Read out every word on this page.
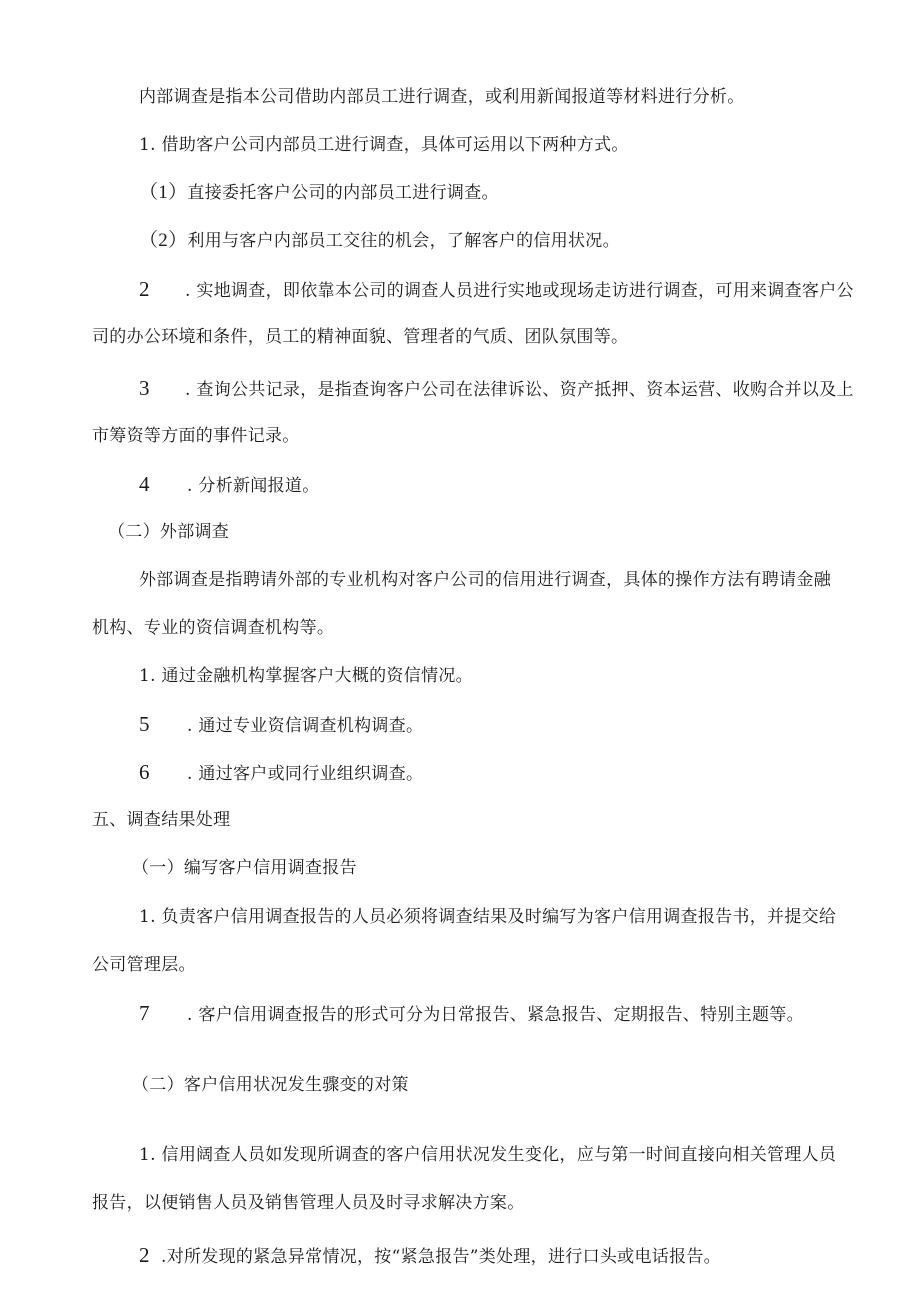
内部调查是指本公司借助内部员工进行调查，或利用新闻报道等材料进行分析。

1. 借助客户公司内部员工进行调查，具体可运用以下两种方式。

（1）直接委托客户公司的内部员工进行调查。

（2）利用与客户内部员工交往的机会，了解客户的信用状况。

2 . 实地调查，即依靠本公司的调查人员进行实地或现场走访进行调查，可用来调查客户公

司的办公环境和条件，员工的精神面貌、管理者的气质、团队氛围等。

3 . 查询公共记录，是指查询客户公司在法律诉讼、资产抵押、资本运营、收购合并以及上

市筹资等方面的事件记录。

4 . 分析新闻报道。

（二）外部调查

外部调查是指聘请外部的专业机构对客户公司的信用进行调查，具体的操作方法有聘请金融

机构、专业的资信调查机构等。

1. 通过金融机构掌握客户大概的资信情况。

5 . 通过专业资信调查机构调查。

6 . 通过客户或同行业组织调查。

五、调查结果处理

（一）编写客户信用调查报告

1. 负责客户信用调查报告的人员必须将调查结果及时编写为客户信用调查报告书，并提交给

公司管理层。

7 . 客户信用调查报告的形式可分为日常报告、紧急报告、定期报告、特别主题等。

（二）客户信用状况发生骤变的对策

1. 信用阔查人员如发现所调查的客户信用状况发生变化，应与第一时间直接向相关管理人员

报告，以便销售人员及销售管理人员及时寻求解决方案。

2 .对所发现的紧急异常情况，按“紧急报告”类处理，进行口头或电话报告。
